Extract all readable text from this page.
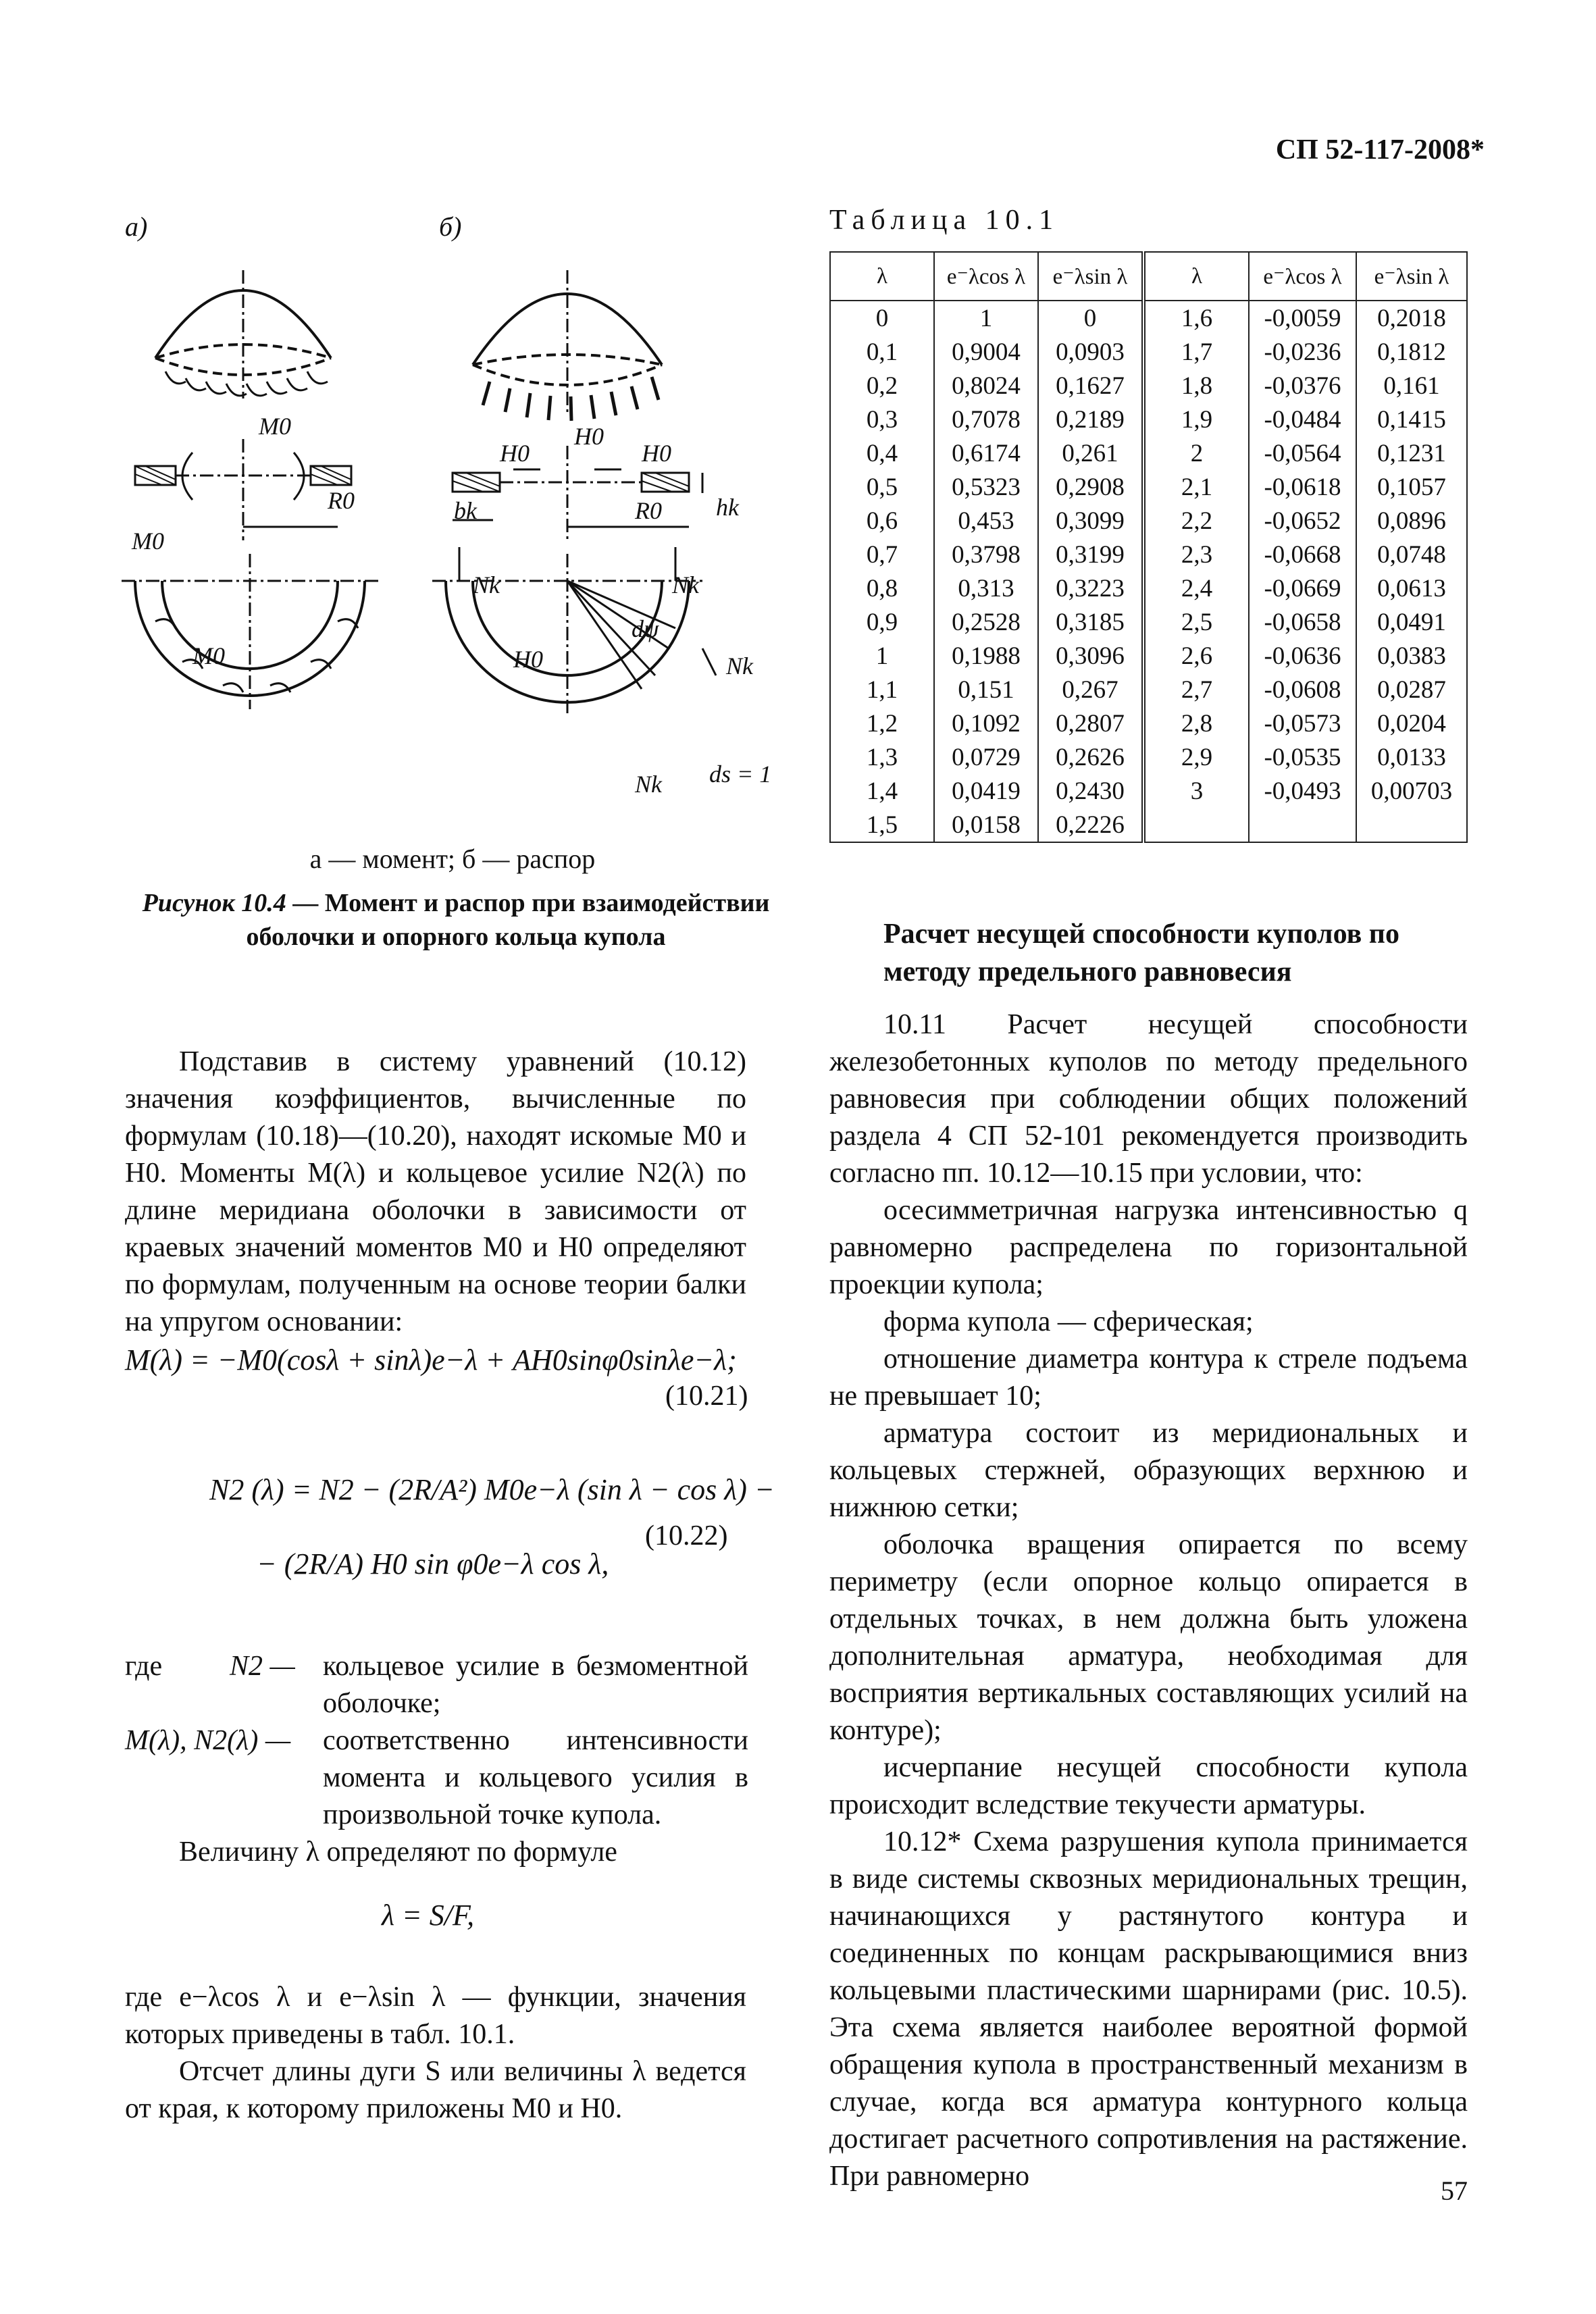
СП 52-117-2008*
а)	б)
M0
M0
R0
M0
H0
H0
H0
bk	R0 hk
Nk	Nk
Nk
Nk
H0
dψ
ds = 1
а — момент; б — распор
Рисунок 10.4 — Момент и распор при взаимодействии оболочки и опорного кольца купола
Таблица 10.1
λ	e⁻λcos λ	e⁻λsin λ	λ	e⁻λcos λ	e⁻λsin λ
0	1	0	1,6	-0,0059	0,2018
0,1	0,9004	0,0903	1,7	-0,0236	0,1812
0,2	0,8024	0,1627	1,8	-0,0376	0,161
0,3	0,7078	0,2189	1,9	-0,0484	0,1415
0,4	0,6174	0,261	2	-0,0564	0,1231
0,5	0,5323	0,2908	2,1	-0,0618	0,1057
0,6	0,453	0,3099	2,2	-0,0652	0,0896
0,7	0,3798	0,3199	2,3	-0,0668	0,0748
0,8	0,313	0,3223	2,4	-0,0669	0,0613
0,9	0,2528	0,3185	2,5	-0,0658	0,0491
1	0,1988	0,3096	2,6	-0,0636	0,0383
1,1	0,151	0,267	2,7	-0,0608	0,0287
1,2	0,1092	0,2807	2,8	-0,0573	0,0204
1,3	0,0729	0,2626	2,9	-0,0535	0,0133
1,4	0,0419	0,2430	3	-0,0493	0,00703
1,5	0,0158	0,2226			
Расчет несущей способности куполов по методу предельного равновесия

Подставив в систему уравнений (10.12) значения коэффициентов, вычисленные по формулам (10.18)—(10.20), находят искомые M0 и H0. Моменты M(λ) и кольцевое усилие N2(λ) по длине меридиана оболочки в зависимости от краевых значений моментов M0 и H0 определяют по формулам, полученным на основе теории балки на упругом основании:

M(λ) = −M0(cosλ + sinλ)e−λ + AH0sinφ0sinλe−λ;
(10.21)
N2 (λ) = N2 − (2R/A²) M0e−λ (sin λ − cos λ) −
− (2R/A) H0 sin φ0e−λ cos λ,
(10.22)
где N2 — кольцевое усилие в безмоментной оболочке;
M(λ), N2(λ) — соответственно интенсивности момента и кольцевого усилия в произвольной точке купола.

Величину λ определяют по формуле

λ = S/F,

где e−λcos λ и e−λsin λ — функции, значения которых приведены в табл. 10.1.

Отсчет длины дуги S или величины λ ведется от края, к которому приложены M0 и H0.

10.11 Расчет несущей способности железобетонных куполов по методу предельного равновесия при соблюдении общих положений раздела 4 СП 52-101 рекомендуется производить согласно пп. 10.12—10.15 при условии, что:

осесимметричная нагрузка интенсивностью q равномерно распределена по горизонтальной проекции купола;

форма купола — сферическая;

отношение диаметра контура к стреле подъема не превышает 10;

арматура состоит из меридиональных и кольцевых стержней, образующих верхнюю и нижнюю сетки;

оболочка вращения опирается по всему периметру (если опорное кольцо опирается в отдельных точках, в нем должна быть уложена дополнительная арматура, необходимая для восприятия вертикальных составляющих усилий на контуре);

исчерпание несущей способности купола происходит вследствие текучести арматуры.

10.12* Схема разрушения купола принимается в виде системы сквозных меридиональных трещин, начинающихся у растянутого контура и соединенных по концам раскрывающимися вниз кольцевыми пластическими шарнирами (рис. 10.5). Эта схема является наиболее вероятной формой обращения купола в пространственный механизм в случае, когда вся арматура контурного кольца достигает расчетного сопротивления на растяжение. При равномерно	57
